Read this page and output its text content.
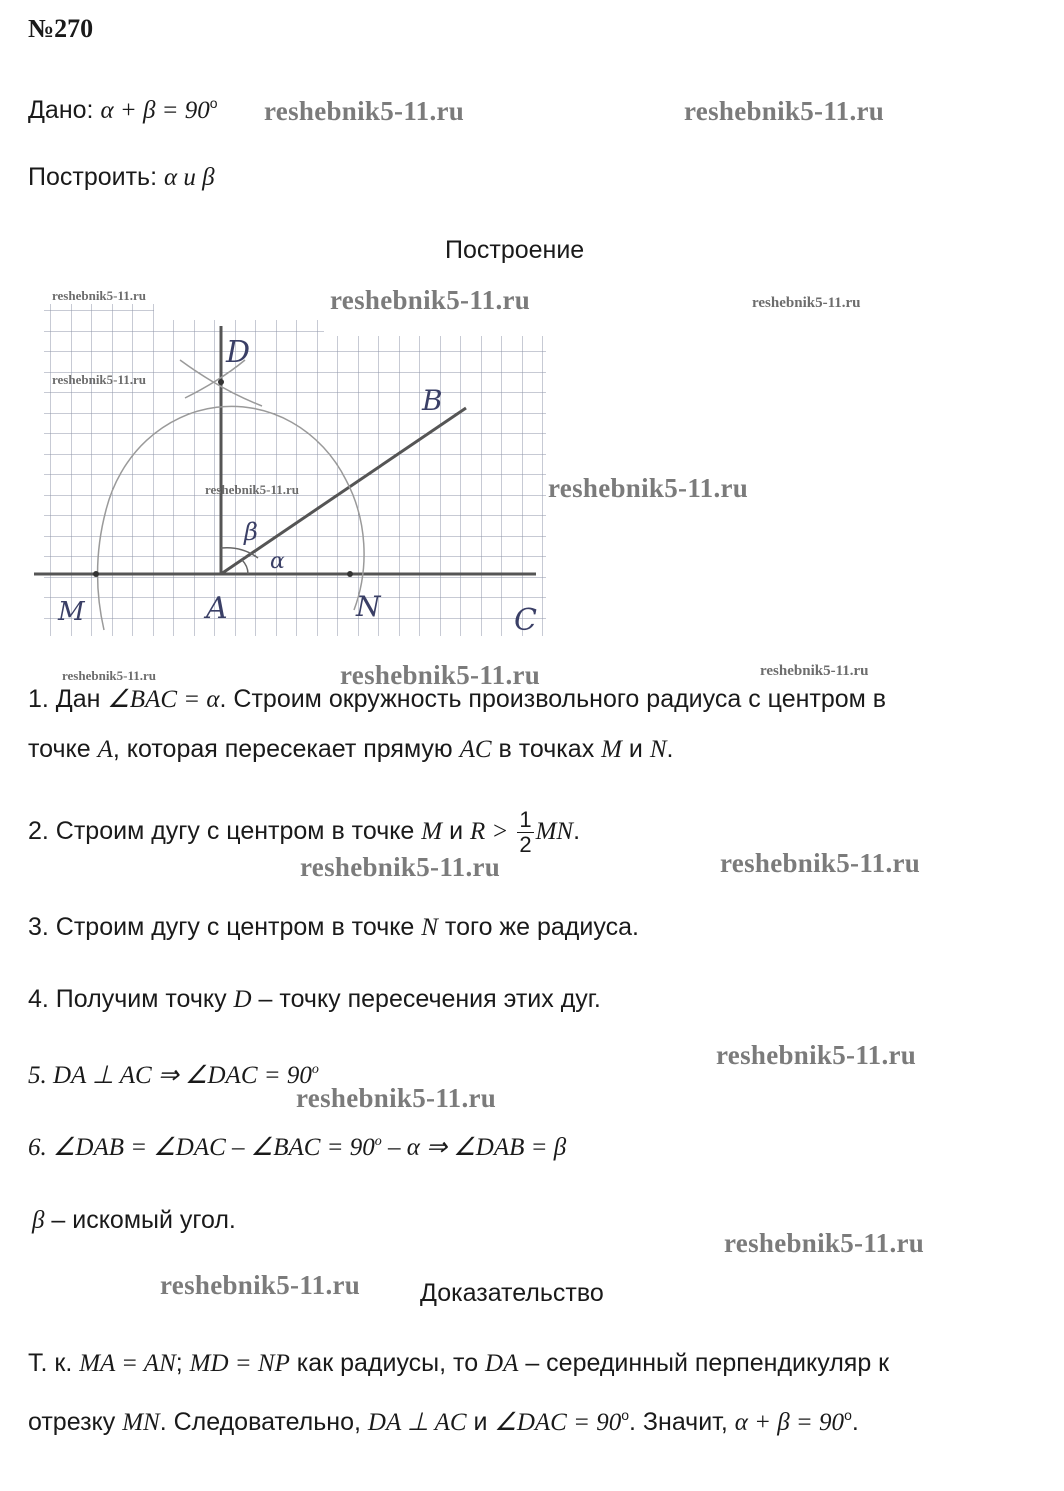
№270
Дано: $\alpha + \beta = 90^о$
Построить: α и β
Построение
D
B
A
M	N	C
β
α
1. Дан ∠BAC = α. Строим окружность произвольного радиуса с центром в
точке A, которая пересекает прямую AC в точках M и N.
2. Строим дугу с центром в точке M и $R > \frac{1}{2}$ MN.
3. Строим дугу с центром в точке N того же радиуса.
4. Получим точку D – точку пересечения этих дуг.
5. DA ⊥ AC ⇒ ∠DAC = $90^о$
6. ∠DAB = ∠DAC – ∠BAC = $90^о$ – α ⇒ ∠DAB = β
β – искомый угол.
Доказательство
Т. к. MA = AN; MD = NP как радиусы, то DA – серединный перпендикуляр к
отрезку MN. Следовательно, DA ⊥ AC и ∠DAC = $90^о$. Значит, $\alpha + \beta = 90^о$.
reshebnik5-11.ru	reshebnik5-11.ru
reshebnik5-11.ru
reshebnik5-11.ru
reshebnik5-11.ru
reshebnik5-11.ru	reshebnik5-11.ru
reshebnik5-11.ru
reshebnik5-11.ru
reshebnik5-11.ru
reshebnik5-11.ru
reshebnik5-11.ru
reshebnik5-11.ru
reshebnik5-11.ru
reshebnik5-11.ru	reshebnik5-11.ru
reshebnik5-11.ru
